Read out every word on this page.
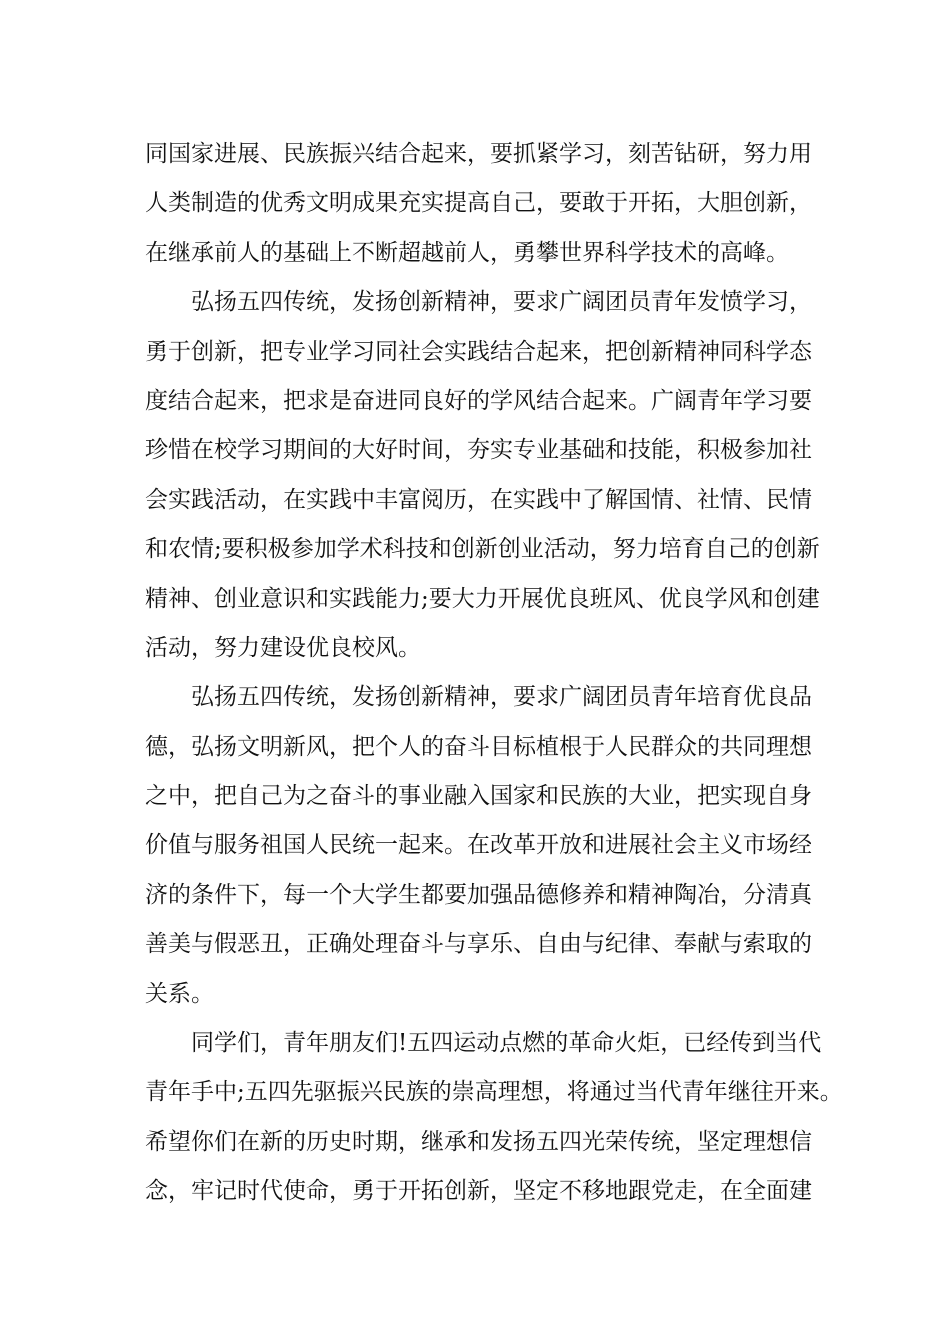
同国家进展、民族振兴结合起来，要抓紧学习，刻苦钻研，努力用
人类制造的优秀文明成果充实提高自己，要敢于开拓，大胆创新，
在继承前人的基础上不断超越前人，勇攀世界科学技术的高峰。
弘扬五四传统，发扬创新精神，要求广阔团员青年发愤学习，
勇于创新，把专业学习同社会实践结合起来，把创新精神同科学态
度结合起来，把求是奋进同良好的学风结合起来。广阔青年学习要
珍惜在校学习期间的大好时间，夯实专业基础和技能，积极参加社
会实践活动，在实践中丰富阅历，在实践中了解国情、社情、民情
和农情;要积极参加学术科技和创新创业活动，努力培育自己的创新
精神、创业意识和实践能力;要大力开展优良班风、优良学风和创建
活动，努力建设优良校风。
弘扬五四传统，发扬创新精神，要求广阔团员青年培育优良品
德，弘扬文明新风，把个人的奋斗目标植根于人民群众的共同理想
之中，把自己为之奋斗的事业融入国家和民族的大业，把实现自身
价值与服务祖国人民统一起来。在改革开放和进展社会主义市场经
济的条件下，每一个大学生都要加强品德修养和精神陶冶，分清真
善美与假恶丑，正确处理奋斗与享乐、自由与纪律、奉献与索取的
关系。
同学们，青年朋友们!五四运动点燃的革命火炬，已经传到当代
青年手中;五四先驱振兴民族的崇高理想，将通过当代青年继往开来。
希望你们在新的历史时期，继承和发扬五四光荣传统，坚定理想信
念，牢记时代使命，勇于开拓创新，坚定不移地跟党走，在全面建
